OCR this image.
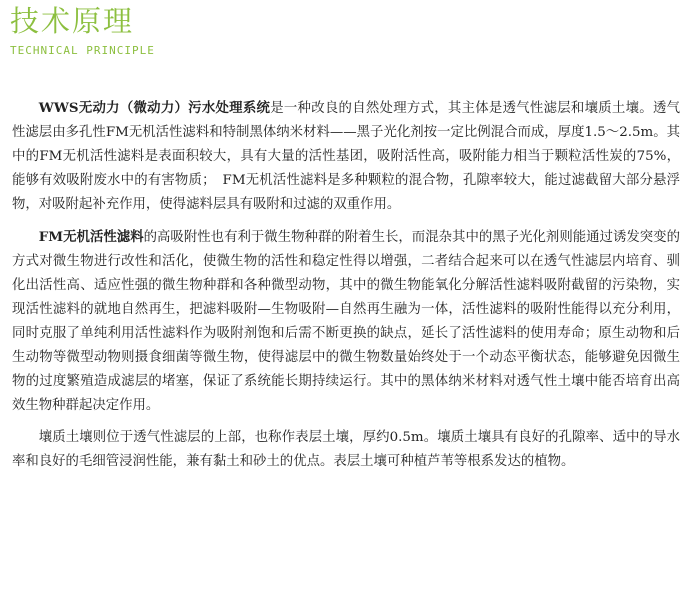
技术原理
TECHNICAL PRINCIPLE

WWS无动力（微动力）污水处理系统是一种改良的自然处理方式，其主体是透气性滤层和壤质土壤。透气性滤层由多孔性FM无机活性滤料和特制黑体纳米材料——黑子光化剂按一定比例混合而成，厚度1.5～2.5m。其中的FM无机活性滤料是表面积较大，具有大量的活性基团，吸附活性高，吸附能力相当于颗粒活性炭的75%，能够有效吸附废水中的有害物质；　FM无机活性滤料是多种颗粒的混合物，孔隙率较大，能过滤截留大部分悬浮物，对吸附起补充作用，使得滤料层具有吸附和过滤的双重作用。

FM无机活性滤料的高吸附性也有利于微生物种群的附着生长，而混杂其中的黑子光化剂则能通过诱发突变的方式对微生物进行改性和活化，使微生物的活性和稳定性得以增强，二者结合起来可以在透气性滤层内培育、驯化出活性高、适应性强的微生物种群和各种微型动物，其中的微生物能氧化分解活性滤料吸附截留的污染物，实现活性滤料的就地自然再生，把滤料吸附—生物吸附—自然再生融为一体，活性滤料的吸附性能得以充分利用，同时克服了单纯利用活性滤料作为吸附剂饱和后需不断更换的缺点，延长了活性滤料的使用寿命；原生动物和后生动物等微型动物则摄食细菌等微生物，使得滤层中的微生物数量始终处于一个动态平衡状态，能够避免因微生物的过度繁殖造成滤层的堵塞，保证了系统能长期持续运行。其中的黑体纳米材料对透气性土壤中能否培育出高效生物种群起决定作用。

壤质土壤则位于透气性滤层的上部，也称作表层土壤，厚约0.5m。壤质土壤具有良好的孔隙率、适中的导水率和良好的毛细管浸润性能，兼有黏土和砂土的优点。表层土壤可种植芦苇等根系发达的植物。
